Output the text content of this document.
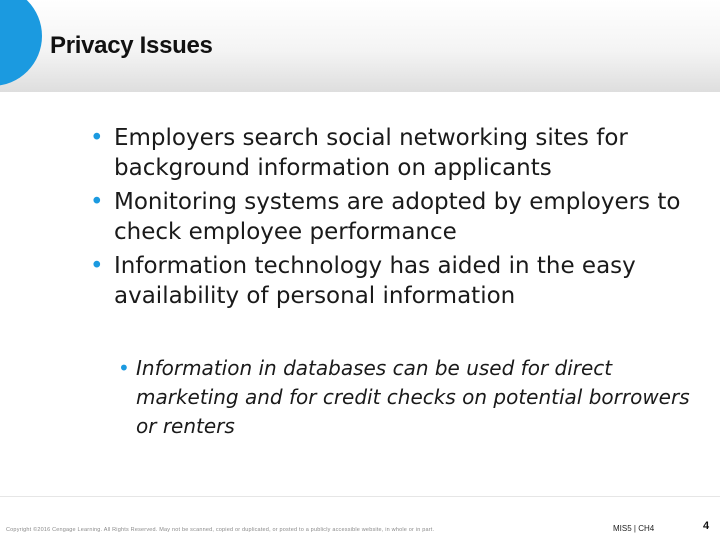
Privacy Issues
• Employers search social networking sites for background information on applicants
• Monitoring systems are adopted by employers to check employee performance
• Information technology has aided in the easy availability of personal information
• Information in databases can be used for direct marketing and for credit checks on potential borrowers or renters
Copyright ©2016 Cengage Learning. All Rights Reserved. May not be scanned, copied or duplicated, or posted to a publicly accessible website, in whole or in part.	MIS5 | CH4	4
